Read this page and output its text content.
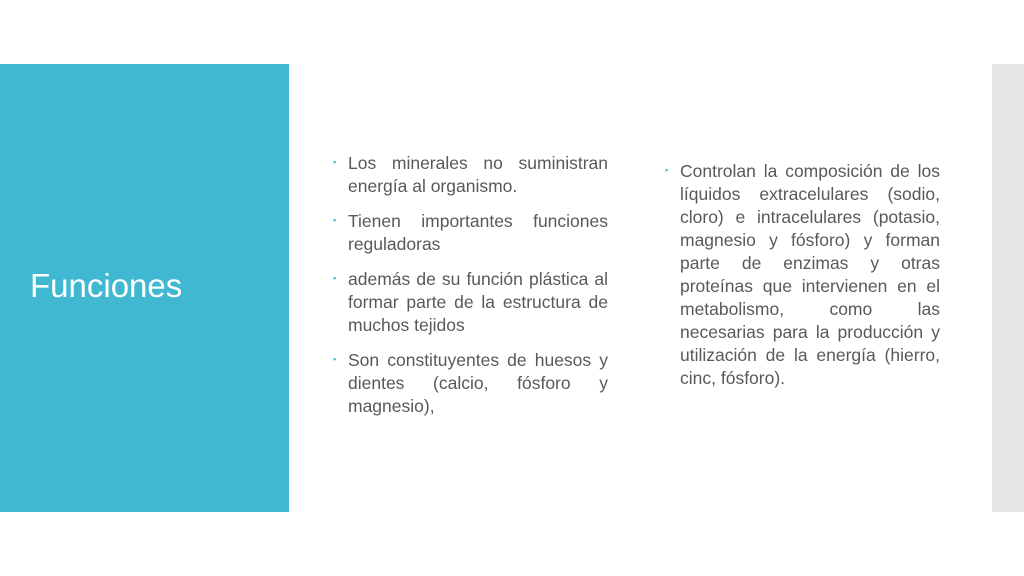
Funciones
▪ Los minerales no suministran energía al organismo.
▪ Tienen importantes funciones reguladoras
▪ además de su función plástica al formar parte de la estructura de muchos tejidos
▪ Son constituyentes de huesos y dientes (calcio, fósforo y magnesio),
▪ Controlan la composición de los líquidos extracelulares (sodio, cloro) e intracelulares (potasio, magnesio y fósforo) y forman parte de enzimas y otras proteínas que intervienen en el metabolismo, como las necesarias para la producción y utilización de la energía (hierro, cinc, fósforo).
